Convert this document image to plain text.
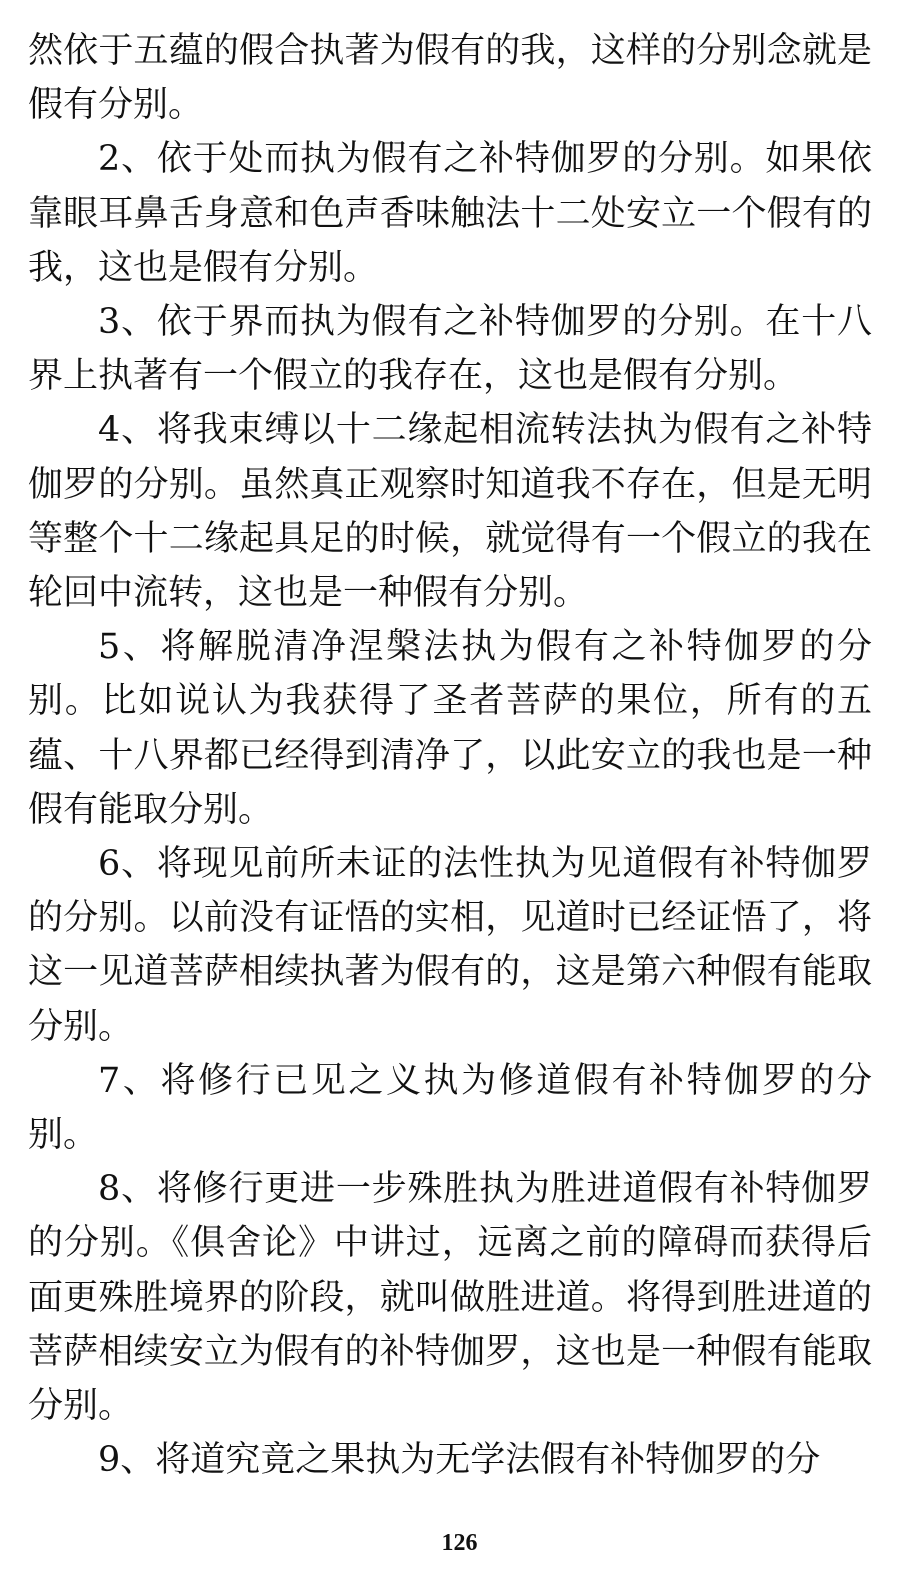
然依于五蕴的假合执著为假有的我，这样的分别念就是假有分别。

2、依于处而执为假有之补特伽罗的分别。如果依靠眼耳鼻舌身意和色声香味触法十二处安立一个假有的我，这也是假有分别。

3、依于界而执为假有之补特伽罗的分别。在十八界上执著有一个假立的我存在，这也是假有分别。

4、将我束缚以十二缘起相流转法执为假有之补特伽罗的分别。虽然真正观察时知道我不存在，但是无明等整个十二缘起具足的时候，就觉得有一个假立的我在轮回中流转，这也是一种假有分别。

5、将解脱清净涅槃法执为假有之补特伽罗的分别。比如说认为我获得了圣者菩萨的果位，所有的五蕴、十八界都已经得到清净了，以此安立的我也是一种假有能取分别。

6、将现见前所未证的法性执为见道假有补特伽罗的分别。以前没有证悟的实相，见道时已经证悟了，将这一见道菩萨相续执著为假有的，这是第六种假有能取分别。

7、将修行已见之义执为修道假有补特伽罗的分别。

8、将修行更进一步殊胜执为胜进道假有补特伽罗的分别。《俱舍论》中讲过，远离之前的障碍而获得后面更殊胜境界的阶段，就叫做胜进道。将得到胜进道的菩萨相续安立为假有的补特伽罗，这也是一种假有能取分别。

9、将道究竟之果执为无学法假有补特伽罗的分

126
